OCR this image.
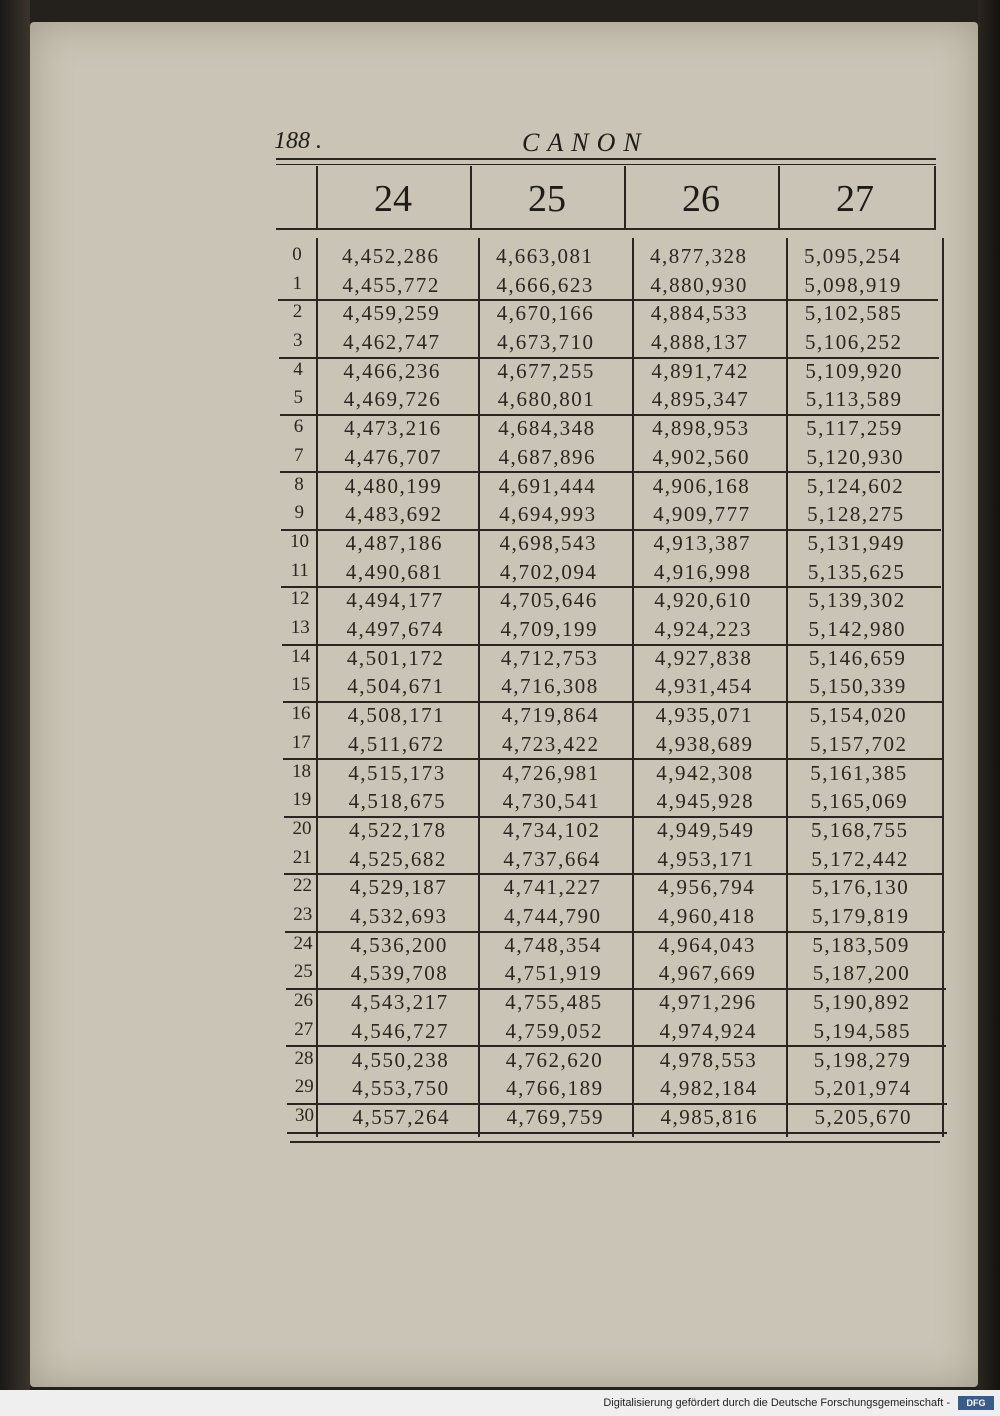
188 .	CANON
24	25	26	27
0	4,452,286	4,663,081	4,877,328	5,095,254
1	4,455,772	4,666,623	4,880,930	5,098,919
2	4,459,259	4,670,166	4,884,533	5,102,585
3	4,462,747	4,673,710	4,888,137	5,106,252
4	4,466,236	4,677,255	4,891,742	5,109,920
5	4,469,726	4,680,801	4,895,347	5,113,589
6	4,473,216	4,684,348	4,898,953	5,117,259
7	4,476,707	4,687,896	4,902,560	5,120,930
8	4,480,199	4,691,444	4,906,168	5,124,602
9	4,483,692	4,694,993	4,909,777	5,128,275
10 4,487,186	4,698,543	4,913,387	5,131,949
11 4,490,681	4,702,094	4,916,998	5,135,625
12 4,494,177	4,705,646	4,920,610	5,139,302
13 4,497,674	4,709,199	4,924,223	5,142,980
14 4,501,172	4,712,753	4,927,838	5,146,659
15 4,504,671	4,716,308	4,931,454	5,150,339
16 4,508,171	4,719,864	4,935,071	5,154,020
17 4,511,672	4,723,422	4,938,689	5,157,702
18 4,515,173	4,726,981	4,942,308	5,161,385
19 4,518,675	4,730,541	4,945,928	5,165,069
20 4,522,178	4,734,102	4,949,549	5,168,755
21 4,525,682	4,737,664	4,953,171	5,172,442
22 4,529,187	4,741,227	4,956,794	5,176,130
23 4,532,693	4,744,790	4,960,418	5,179,819
24 4,536,200	4,748,354	4,964,043	5,183,509
25 4,539,708	4,751,919	4,967,669	5,187,200
26 4,543,217	4,755,485	4,971,296	5,190,892
27 4,546,727	4,759,052	4,974,924	5,194,585
28 4,550,238	4,762,620	4,978,553	5,198,279
29 4,553,750	4,766,189	4,982,184	5,201,974
30 4,557,264	4,769,759	4,985,816	5,205,670
Digitalisierung gefördert durch die Deutsche Forschungsgemeinschaft -	DFG
